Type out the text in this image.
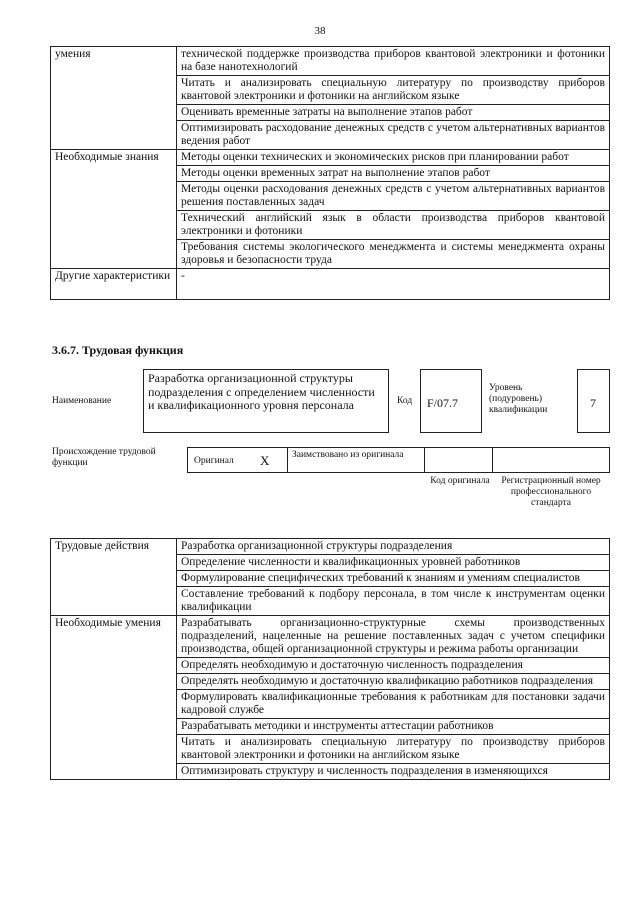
38
умения	технической поддержке производства приборов квантовой электроники и фотоники на базе нанотехнологий
	Читать и анализировать специальную литературу по производству приборов квантовой электроники и фотоники на английском языке
	Оценивать временные затраты на выполнение этапов работ
	Оптимизировать расходование денежных средств с учетом альтернативных вариантов ведения работ
Необходимые знания	Методы оценки технических и экономических рисков при планировании работ
	Методы оценки временных затрат на выполнение этапов работ
	Методы оценки расходования денежных средств с учетом альтернативных вариантов решения поставленных задач
	Технический английский язык в области производства приборов квантовой электроники и фотоники
	Требования системы экологического менеджмента и системы менеджмента охраны здоровья и безопасности труда
Другие характеристики	-
3.6.7. Трудовая функция
Наименование
Разработка организационной структуры подразделения с определением численности и квалификационного уровня персонала	Код F/07.7
Уровень (подуровень) квалификации	7
Происхождение трудовой функции	Оригинал X Заимствовано из оригинала
Код оригинала	Регистрационный номер профессионального стандарта
Трудовые действия	Разработка организационной структуры подразделения
	Определение численности и квалификационных уровней работников
	Формулирование специфических требований к знаниям и умениям специалистов
	Составление требований к подбору персонала, в том числе к инструментам оценки квалификации
Необходимые умения	Разрабатывать организационно-структурные схемы производственных подразделений, нацеленные на решение поставленных задач с учетом специфики производства, общей организационной структуры и режима работы организации
	Определять необходимую и достаточную численность подразделения
	Определять необходимую и достаточную квалификацию работников подразделения
	Формулировать квалификационные требования к работникам для постановки задачи кадровой службе
	Разрабатывать методики и инструменты аттестации работников
	Читать и анализировать специальную литературу по производству приборов квантовой электроники и фотоники на английском языке
	Оптимизировать структуру и численность подразделения в изменяющихся
